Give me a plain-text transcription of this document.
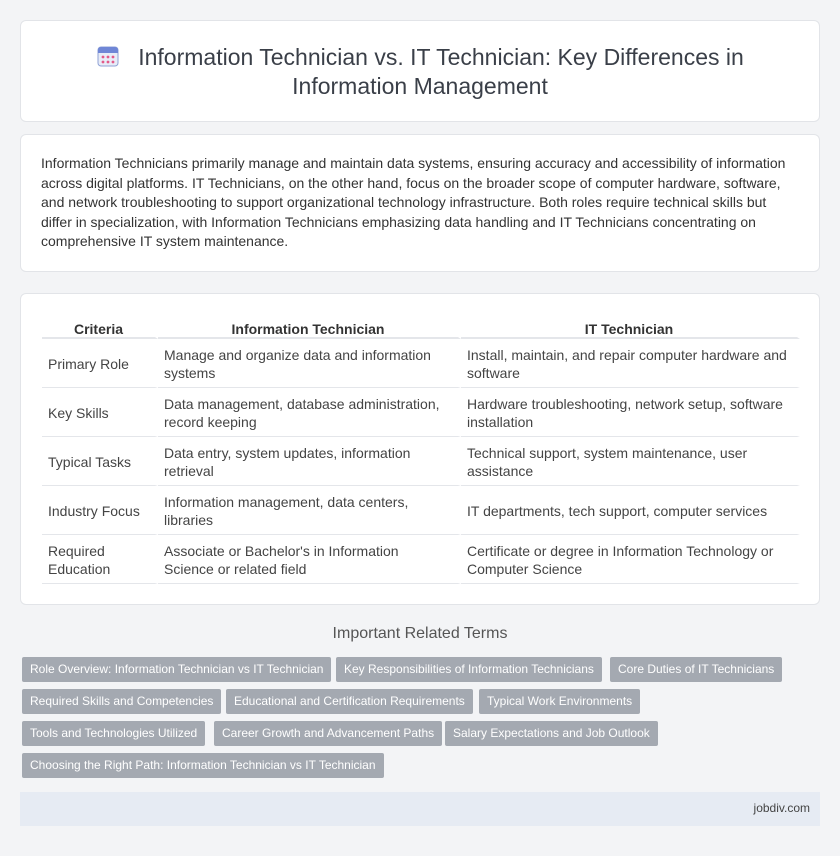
Information Technician vs. IT Technician: Key Differences in Information Management

Information Technicians primarily manage and maintain data systems, ensuring accuracy and accessibility of information across digital platforms. IT Technicians, on the other hand, focus on the broader scope of computer hardware, software, and network troubleshooting to support organizational technology infrastructure. Both roles require technical skills but differ in specialization, with Information Technicians emphasizing data handling and IT Technicians concentrating on comprehensive IT system maintenance.

Criteria	Information Technician	IT Technician
Primary Role	Manage and organize data and information systems	Install, maintain, and repair computer hardware and software
Key Skills	Data management, database administration, record keeping	Hardware troubleshooting, network setup, software installation
Typical Tasks	Data entry, system updates, information retrieval	Technical support, system maintenance, user assistance
Industry Focus	Information management, data centers, libraries	IT departments, tech support, computer services
Required Education	Associate or Bachelor's in Information Science or related field	Certificate or degree in Information Technology or Computer Science
Important Related Terms
Role Overview: Information Technician vs IT Technician	Key Responsibilities of Information Technicians	Core Duties of IT Technicians
Required Skills and Competencies	Educational and Certification Requirements	Typical Work Environments
Tools and Technologies Utilized	Career Growth and Advancement Paths	Salary Expectations and Job Outlook
Choosing the Right Path: Information Technician vs IT Technician
jobdiv.com
